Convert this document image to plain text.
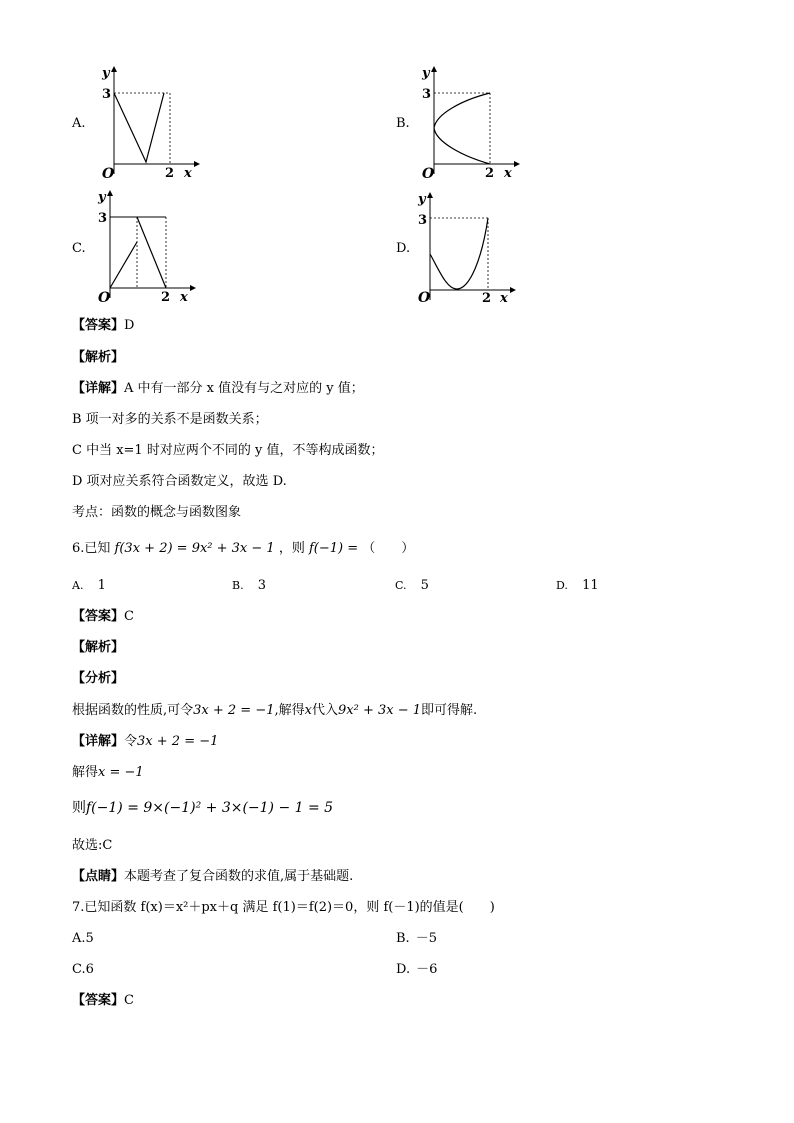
A.
y
3
O	2 x
B.
y
3
O	2 x
C.
y
3
O	2 x
D.
y
3
O	2 x
【答案】D
【解析】
【详解】A 中有一部分 x 值没有与之对应的 y 值；
B 项一对多的关系不是函数关系；
C 中当 x=1 时对应两个不同的 y 值，不等构成函数；
D 项对应关系符合函数定义，故选 D.
考点：函数的概念与函数图象
6.已知 f(3x + 2) = 9x² + 3x − 1 ，则 f(−1) = （　　）
A. 1	B. 3	C. 5	D. 11
【答案】C
【解析】
【分析】
根据函数的性质,可令3x + 2 = −1,解得x代入9x² + 3x − 1即可得解.
【详解】令3x + 2 = −1
解得x = −1
则f(−1) = 9×(−1)² + 3×(−1) − 1 = 5
故选:C
【点睛】本题考查了复合函数的求值,属于基础题.
7.已知函数 f(x)＝x²＋px＋q 满足 f(1)＝f(2)＝0，则 f(－1)的值是(　　)
A.5	B. －5
C.6	D. －6
【答案】C
